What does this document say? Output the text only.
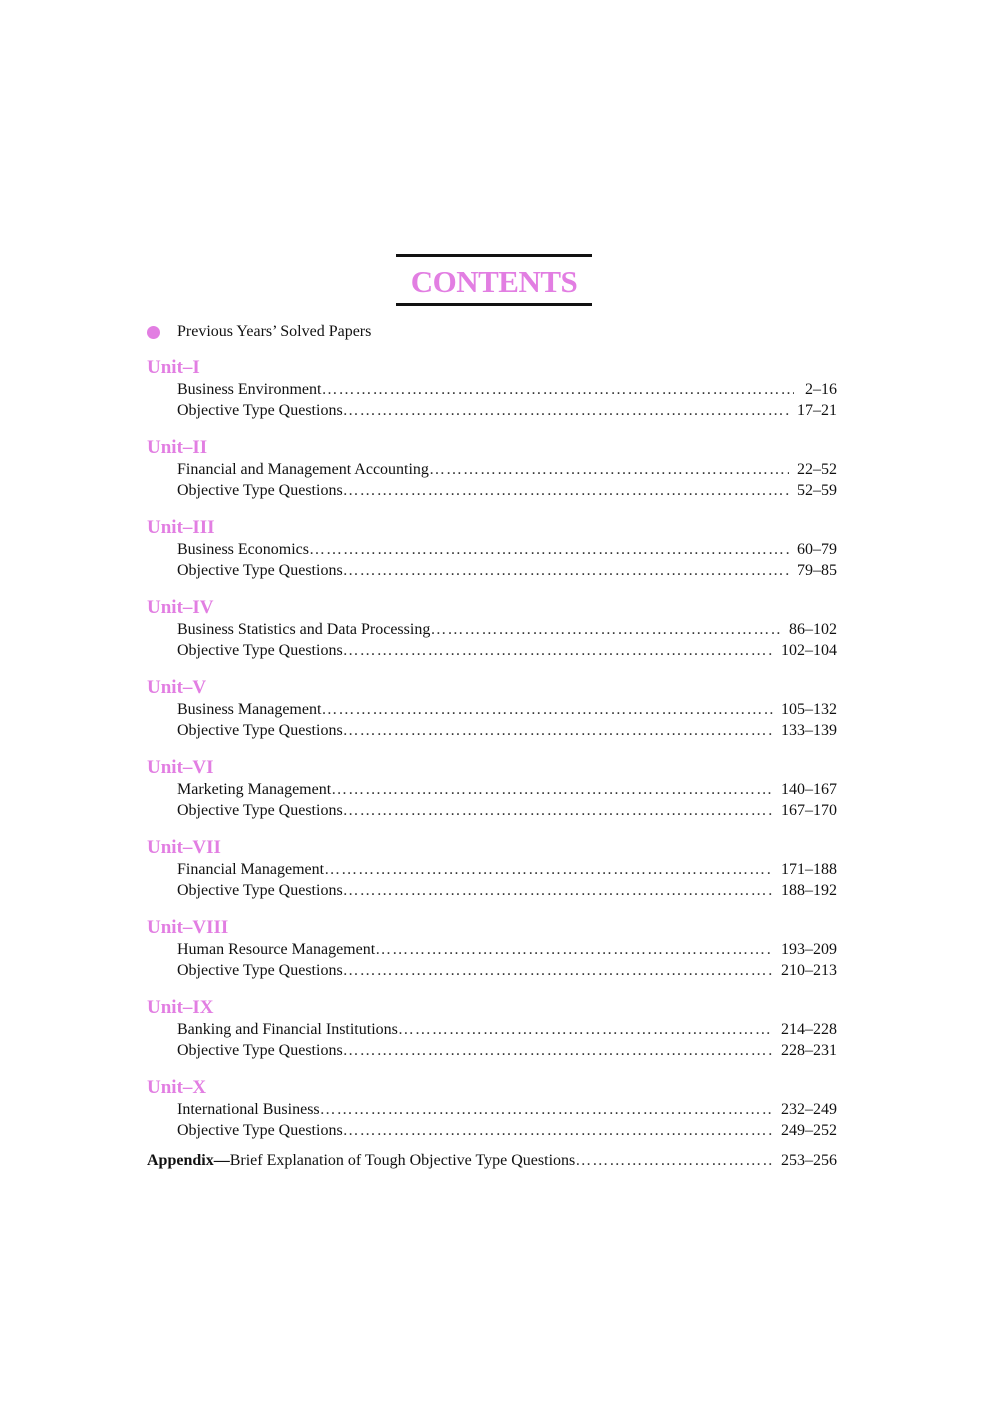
CONTENTS
Previous Years’ Solved Papers
Unit–I
Business Environment ……………………………………………………………………………………………………………………………………………………	2–16
Objective Type Questions ……………………………………………………………………………………………………………………………………………………	17–21
Unit–II
Financial and Management Accounting ……………………………………………………………………………………………………………………………………………………	22–52
Objective Type Questions ……………………………………………………………………………………………………………………………………………………	52–59
Unit–III
Business Economics ……………………………………………………………………………………………………………………………………………………	60–79
Objective Type Questions ……………………………………………………………………………………………………………………………………………………	79–85
Unit–IV
Business Statistics and Data Processing ……………………………………………………………………………………………………………………………………………………	86–102
Objective Type Questions ……………………………………………………………………………………………………………………………………………………	102–104
Unit–V
Business Management ……………………………………………………………………………………………………………………………………………………	105–132
Objective Type Questions ……………………………………………………………………………………………………………………………………………………	133–139
Unit–VI
Marketing Management ……………………………………………………………………………………………………………………………………………………	140–167
Objective Type Questions ……………………………………………………………………………………………………………………………………………………	167–170
Unit–VII
Financial Management ……………………………………………………………………………………………………………………………………………………	171–188
Objective Type Questions ……………………………………………………………………………………………………………………………………………………	188–192
Unit–VIII
Human Resource Management ……………………………………………………………………………………………………………………………………………………	193–209
Objective Type Questions ……………………………………………………………………………………………………………………………………………………	210–213
Unit–IX
Banking and Financial Institutions ……………………………………………………………………………………………………………………………………………………	214–228
Objective Type Questions ……………………………………………………………………………………………………………………………………………………	228–231
Unit–X
International Business ……………………………………………………………………………………………………………………………………………………	232–249
Objective Type Questions ……………………………………………………………………………………………………………………………………………………	249–252
Appendix — Brief Explanation of Tough Objective Type Questions ……………………………………………………………………………………………………………………………………………………	253–256
